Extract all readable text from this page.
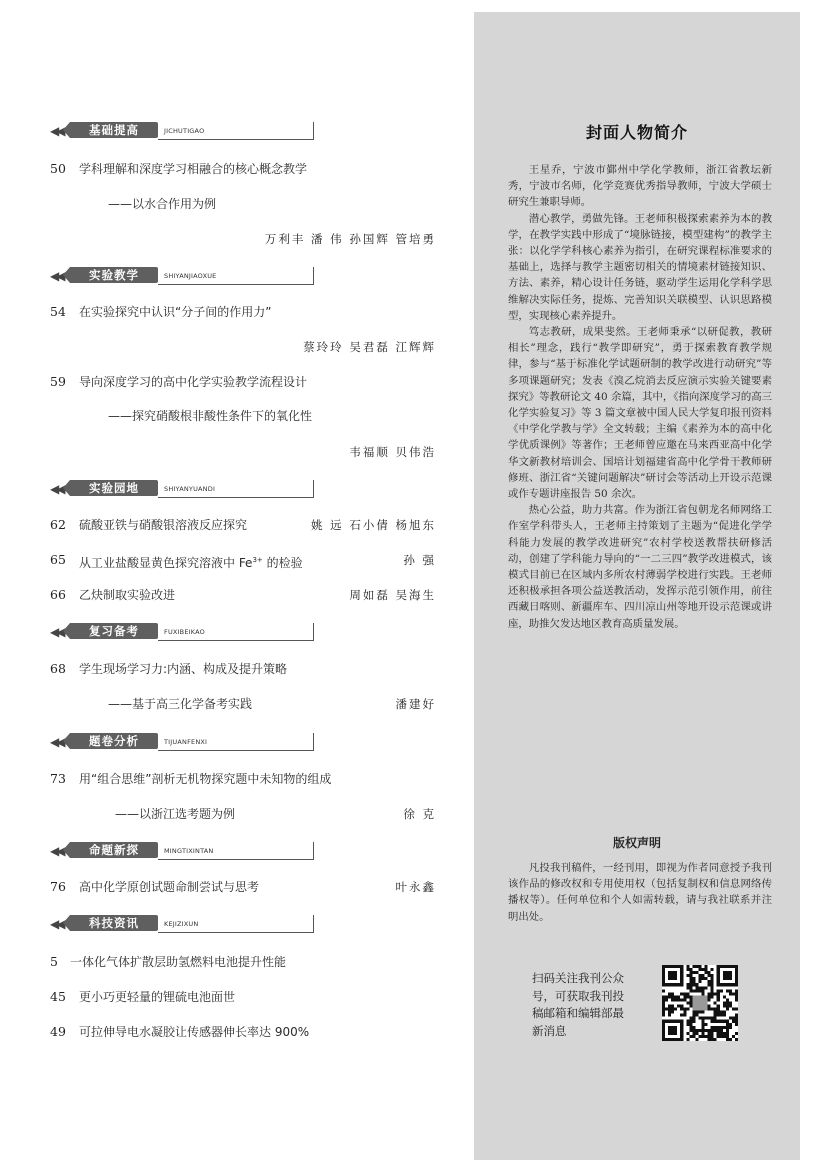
◀◀	基础提高	JICHUTIGAO
50 学科理解和深度学习相融合的核心概念教学
——以水合作用为例
万利丰 潘 伟 孙国辉 管培勇
◀◀	实验教学	SHIYANJIAOXUE
54 在实验探究中认识“分子间的作用力”
蔡玲玲 吴君磊 江辉辉
59 导向深度学习的高中化学实验教学流程设计
——探究硝酸根非酸性条件下的氧化性
韦福顺 贝伟浩
◀◀	实验园地	SHIYANYUANDI
62 硫酸亚铁与硝酸银溶液反应探究	姚 远 石小倩 杨旭东
65 从工业盐酸显黄色探究溶液中 $Fe^{3+}$ 的检验	孙 强
66 乙炔制取实验改进	周如磊 吴海生
◀◀	复习备考	FUXIBEIKAO
68 学生现场学习力:内涵、构成及提升策略
——基于高三化学备考实践	潘建好
◀◀	题卷分析	TIJUANFENXI
73 用“组合思维”剖析无机物探究题中未知物的组成
——以浙江选考题为例	徐 克
◀◀	命题新探	MINGTIXINTAN
76 高中化学原创试题命制尝试与思考	叶永鑫
◀◀	科技资讯	KEJIZIXUN
5 一体化气体扩散层助氢燃料电池提升性能
45 更小巧更轻量的锂硫电池面世
49 可拉伸导电水凝胶让传感器伸长率达 900%
封面人物简介

王星乔，宁波市鄞州中学化学教师，浙江省教坛新秀，宁波市名师，化学竞赛优秀指导教师，宁波大学硕士研究生兼职导师。

潜心教学，勇做先锋。王老师积极探索素养为本的教学，在教学实践中形成了“境脉链接，模型建构”的教学主张：以化学学科核心素养为指引，在研究课程标准要求的基础上，选择与教学主题密切相关的情境素材链接知识、方法、素养，精心设计任务链，驱动学生运用化学科学思维解决实际任务，提炼、完善知识关联模型、认识思路模型，实现核心素养提升。

笃志教研，成果斐然。王老师秉承“以研促教，教研相长”理念，践行“教学即研究”，勇于探索教育教学规律，参与“基于标准化学试题研制的教学改进行动研究”等多项课题研究；发表《溴乙烷消去反应演示实验关键要素探究》等教研论文 40 余篇，其中，《指向深度学习的高三化学实验复习》等 3 篇文章被中国人民大学复印报刊资料《中学化学教与学》全文转载；主编《素养为本的高中化学优质课例》等著作；王老师曾应邀在马来西亚高中化学华文新教材培训会、国培计划福建省高中化学骨干教师研修班、浙江省“关键问题解决”研讨会等活动上开设示范课或作专题讲座报告 50 余次。

热心公益，助力共富。作为浙江省包朝龙名师网络工作室学科带头人，王老师主持策划了主题为“促进化学学科能力发展的教学改进研究”农村学校送教帮扶研修活动，创建了学科能力导向的“一二三四”教学改进模式，该模式目前已在区域内多所农村薄弱学校进行实践。王老师还积极承担各项公益送教活动，发挥示范引领作用，前往西藏日喀则、新疆库车、四川凉山州等地开设示范课或讲座，助推欠发达地区教育高质量发展。

版权声明

凡投我刊稿件，一经刊用，即视为作者同意授予我刊该作品的修改权和专用使用权（包括复制权和信息网络传播权等）。任何单位和个人如需转载，请与我社联系并注明出处。

扫码关注我刊公众号，可获取我刊投稿邮箱和编辑部最新消息
